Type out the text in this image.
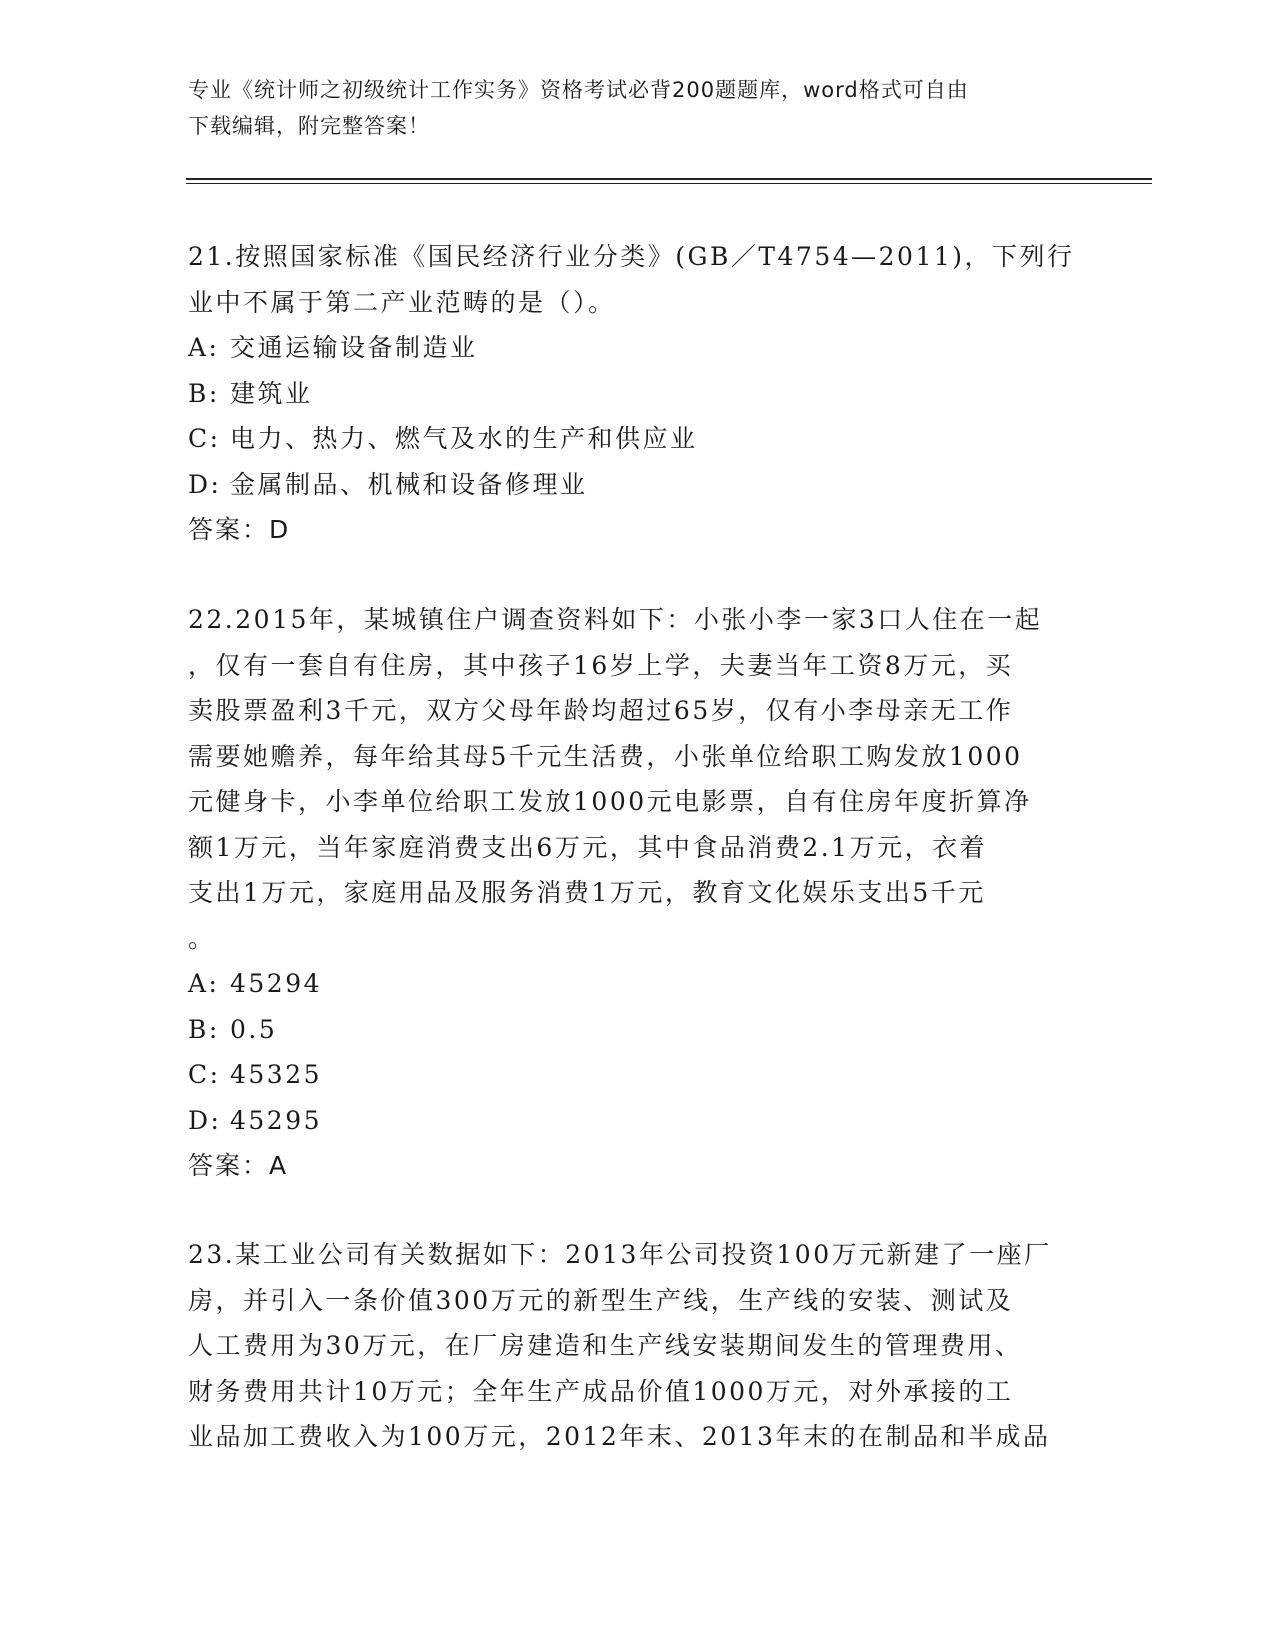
专业《统计师之初级统计工作实务》资格考试必背200题题库，word格式可自由
下载编辑，附完整答案！
21.按照国家标准《国民经济行业分类》(GB／T4754—2011)，下列行
业中不属于第二产业范畴的是（）。
A: 交通运输设备制造业
B: 建筑业
C: 电力、热力、燃气及水的生产和供应业
D: 金属制品、机械和设备修理业
答案：D
22.2015年，某城镇住户调查资料如下：小张小李一家3口人住在一起
，仅有一套自有住房，其中孩子16岁上学，夫妻当年工资8万元，买
卖股票盈利3千元，双方父母年龄均超过65岁，仅有小李母亲无工作
需要她赡养，每年给其母5千元生活费，小张单位给职工购发放1000
元健身卡，小李单位给职工发放1000元电影票，自有住房年度折算净
额1万元，当年家庭消费支出6万元，其中食品消费2.1万元，衣着
支出1万元，家庭用品及服务消费1万元，教育文化娱乐支出5千元
。
A: 45294
B: 0.5
C: 45325
D: 45295
答案：A
23.某工业公司有关数据如下：2013年公司投资100万元新建了一座厂
房，并引入一条价值300万元的新型生产线，生产线的安装、测试及
人工费用为30万元，在厂房建造和生产线安装期间发生的管理费用、
财务费用共计10万元；全年生产成品价值1000万元，对外承接的工
业品加工费收入为100万元，2012年末、2013年末的在制品和半成品
